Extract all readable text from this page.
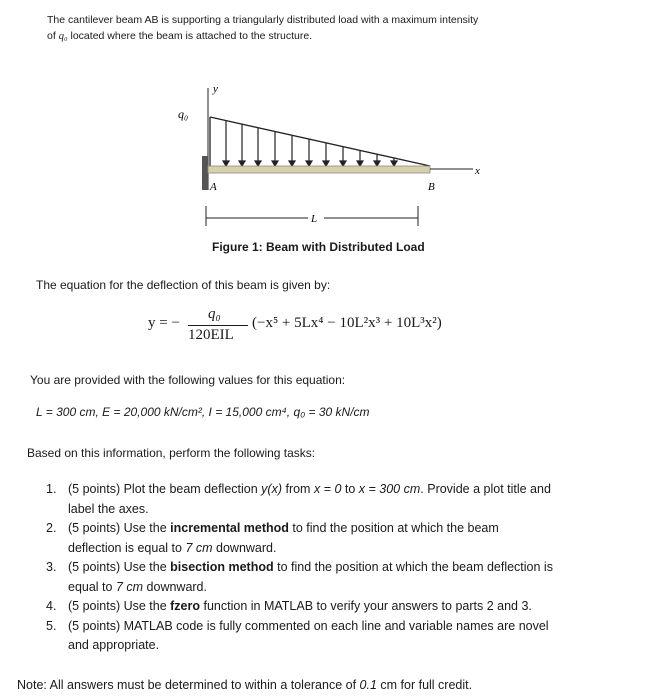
The cantilever beam AB is supporting a triangularly distributed load with a maximum intensity
of q₀ located where the beam is attached to the structure.
y
q₀
x
A	B
L
Figure 1: Beam with Distributed Load
The equation for the deflection of this beam is given by:
y = −
q₀
120EIL
(−x⁵ + 5Lx⁴ − 10L²x³ + 10L³x²)
You are provided with the following values for this equation:
L = 300 cm, E = 20,000 kN/cm², I = 15,000 cm⁴, q₀ = 30 kN/cm
Based on this information, perform the following tasks:
1. (5 points) Plot the beam deflection y(x) from x = 0 to x = 300 cm. Provide a plot title and
label the axes.
2. (5 points) Use the incremental method to find the position at which the beam
deflection is equal to 7 cm downward.
3. (5 points) Use the bisection method to find the position at which the beam deflection is
equal to 7 cm downward.
4. (5 points) Use the fzero function in MATLAB to verify your answers to parts 2 and 3.
5. (5 points) MATLAB code is fully commented on each line and variable names are novel
and appropriate.
Note: All answers must be determined to within a tolerance of 0.1 cm for full credit.
